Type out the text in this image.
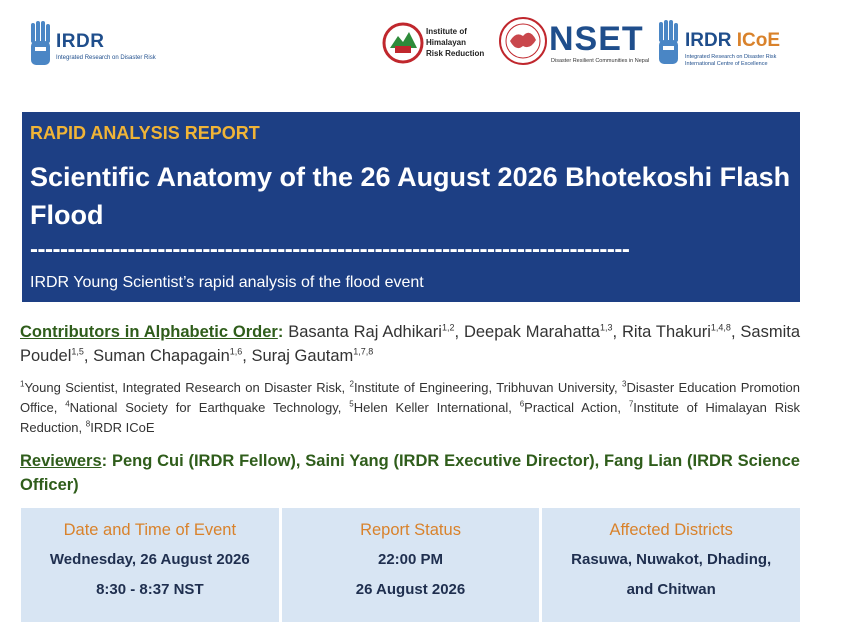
IRDR
Integrated Research on Disaster Risk
Institute of
Himalayan
Risk Reduction NSET
Disaster Resilient Communities in Nepal
IRDR ICoE
Integrated Research on Disaster Risk
International Centre of Excellence
RAPID ANALYSIS REPORT
Scientific Anatomy of the 26 August 2026 Bhotekoshi Flash Flood
--------------------------------------------------------------------------------
IRDR Young Scientist’s rapid analysis of the flood event
Contributors in Alphabetic Order: Basanta Raj Adhikari$^{1,2}$, Deepak Marahatta$^{1,3}$, Rita Thakuri$^{1,4,8}$, Sasmita Poudel$^{1,5}$, Suman Chapagain$^{1,6}$, Suraj Gautam$^{1,7,8}$
$^1$Young Scientist, Integrated Research on Disaster Risk, $^2$Institute of Engineering, Tribhuvan University, $^3$Disaster Education Promotion Office, $^4$National Society for Earthquake Technology, $^5$Helen Keller International, $^6$Practical Action, $^7$Institute of Himalayan Risk Reduction, $^8$IRDR ICoE
Reviewers: Peng Cui (IRDR Fellow), Saini Yang (IRDR Executive Director), Fang Lian (IRDR Science Officer)
Date and Time of Event
Wednesday, 26 August 2026
8:30 - 8:37 NST
Report Status
22:00 PM
26 August 2026
Affected Districts
Rasuwa, Nuwakot, Dhading,
and Chitwan
